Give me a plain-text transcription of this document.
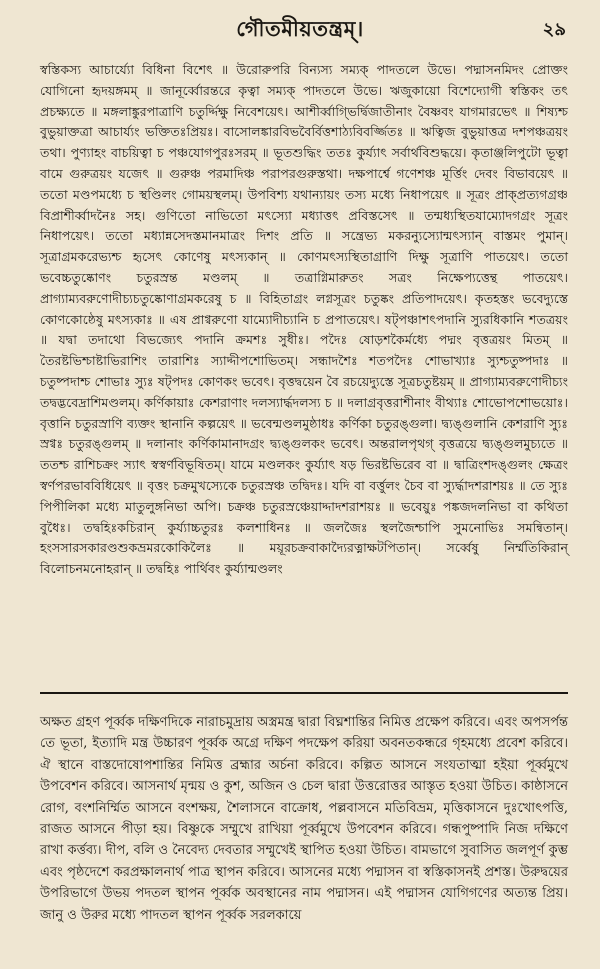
গৌতমীয়তন্ত্রম্।	২৯

স্বস্তিকস্য আচার্য্যো বিধিনা বিশেৎ ॥ উরোরুপরি বিন্যস্য সম্যক্ পাদতলে উভে। পদ্মাসনমিদং প্রোক্তং যোগিনো হৃদয়ঙ্গমম্ ॥ জানূর্ব্বোরন্তরে কৃত্বা সম্যক্ পাদতলে উভে। ঋজুকায়ো বিশেদ্যোগী স্বস্তিকং তৎ প্রচক্ষ্যতে ॥ মঙ্গলাঙ্কুরপাত্রাণি চতুর্দ্দিক্ষু নিবেশয়েৎ। আশীর্ব্বাগ্ভির্দ্বিজাতীনাং বৈষ্ণবং যাগমারভেৎ ॥ শিষ্যশ্চ বুভুয়াক্তত্রা আচার্য্যং ভক্তিতঃপ্রিয়ঃ। বাসোলঙ্কারবিভবৈর্বিত্তশাঠ্যবিবর্জ্জিতঃ ॥ ঋত্বিজ বুভুয়াত্তত্র দশপঞ্চত্রয়ং তথা। পুণ্যাহং বাচয়িত্বা চ পঞ্চযোগপুরঃসরম্ ॥ ভূতশুদ্ধিং ততঃ কুর্য্যাৎ সর্বার্থবিশুদ্ধয়ে। কৃতাঞ্জলিপুটো ভূত্বা বামে গুরুত্রয়ং যজেৎ ॥ গুরুঞ্চ পরমাদিঞ্চ পরাপরগুরুস্তথা। দক্ষপার্শ্বে গণেশঞ্চ মূর্ত্তিং দেবং বিভাবয়েৎ ॥ ততো মণ্ডপমধ্যে চ স্থণ্ডিলং গোময়স্থলম্। উপবিশ্য যথান্যায়ং তস্য মধ্যে নিধাপয়েৎ ॥ সূত্রং প্রাক্প্রত্যগগ্রঞ্চ বিপ্রাশীর্ব্বাদনৈঃ সহ। গুণিতো নাভিতো মৎস্যো মধ্যাত্তৎ প্রবিস্তসেৎ ॥ তন্মধ্যস্থিতযাম্যোদগগ্রং সূত্রং নিধাপয়েৎ। ততো মধ্যান্নসেদস্তমানমাত্রং দিশং প্রতি ॥ সন্ত্রেভ্য মকরন্যুস্যোন্মৎস্যান্ বাস্তমং পুমান্। সূত্রাগ্রমকরেভ্যশ্চ হৃসেৎ কোণেষু মৎস্যকান্ ॥ কোণমৎস্যস্থিতাগ্রাণি দিক্ষু সূত্রাণি পাতয়েৎ। ততো ভবেচ্চতুষ্কোণং চতুরস্রন্ত মণ্ডলম্ ॥ তত্রাগ্নিমারুতং সত্রং নিক্ষেপ্যত্তেন্থ পাতয়েৎ। প্রাগ্যাম্যবরুণোদীচ্যচতুষ্কোণাগ্রমকরেষু চ ॥ বিহিতাগ্রং লগ্নসূত্রং চতুষ্কং প্রতিপাদয়েৎ। কৃতহস্তং ভবেদ্যুস্তে কোণকোষ্ঠেষু মৎস্যকাঃ ॥ এষ প্রাগ্বরুণো যাম্যোদীচ্যানি চ প্রপাতয়েৎ। ষট্পঞ্চাশৎপদানি স্যুরধিকানি শতত্রয়ং ॥ যদ্বা তদাথো বিভজ্যেৎ পদানি ক্রমশঃ সুধীঃ। পদৈঃ ষোড়শকৈর্মধ্যে পদ্মং বৃত্তত্রয়ং মিতম্ ॥ তৈরষ্টভিশ্চাষ্টাভিরাশিং তারাশিঃ স্যাদ্দীপশোভিতম্। সন্ধাদশৈঃ শতপদৈঃ শোভাখ্যাঃ স্যুশ্চতুষ্পদাঃ ॥ চতুষ্পদাশ্চ শোভাঃ স্যুঃ ষট্পদঃ কোণকং ভবেৎ। বৃত্তদ্বয়েন বৈ রচয়েদ্যুস্তে সূত্রচতুষ্টয়ম্ ॥ প্রাগ্যাম্যবরুণোদীচ্যং তদ্বদ্ভবেদ্রাশিমণ্ডলম্। কর্ণিকায়াঃ কেশরাণাং দলস্যার্দ্ধদলস্য চ ॥ দলাগ্রবৃত্তরাশীনাং বীথ্যাঃ শোভোপশোভয়োঃ। বৃত্তানি চতুরস্রাণি ব্যক্তং স্থানানি কল্পয়েৎ ॥ ভবেন্মণ্ডলমুষ্ঠাধঃ কর্ণিকা চতুরঙ্গুলা। দ্ব্যঙ্গুলানি কেশরাণি স্যুঃ স্রগ্বঃ চতুরঙ্গুলম্ ॥ দলানাং কর্ণিকামানাদগ্রং দ্ব্যঙ্গুলকং ভবেৎ। অন্তরালপৃথগ্ বৃত্তত্রয়ে দ্ব্যঙ্গুলমুচ্যতে ॥ ততশ্চ রাশিচক্রং স্যাৎ স্বস্বর্ণবিভূষিতম্। যামে মণ্ডলকং কুর্য্যাৎ ষড় ভিরষ্টভিরেব বা ॥ দ্বাত্রিংশদঙ্গুলং ক্ষেত্রং স্বর্ণপরভাববিধিয়েৎ ॥ বৃত্তং চক্রমুখস্যেকে চতুরস্রঞ্চ তদ্বিদঃ। যদি বা বর্ত্তুলং চৈব বা স্যুর্দ্ধাদশরাশয়ঃ ॥ তে স্যুঃ পিপীলিকা মধ্যে মাতুলুঙ্গনিভা অপি। চক্রঞ্চ চতুরস্রঞ্চেয়াদ্দাদশরাশয়ঃ ॥ ভবেয়ুঃ পঙ্কজদলনিভা বা কথিতা বুধৈঃ। তদ্বহিঃকচিরান্ কুর্য্যাচ্চতুরঃ কলশাধিনঃ ॥ জলজৈঃ স্থলজৈশ্চাপি সুমনোভিঃ সমন্বিতান্। হংসসারসকারণ্ডশুকভ্রমরকোকিলৈঃ ॥ ময়ূরচক্রবাকাদ্যৈরত্নাক্ষটপিতান্। সর্ব্বেষু নির্ম্মতিকিরান্ বিলোচনমনোহরান্ ॥ তদ্বহিঃ পার্থিবং কুর্য্যান্মণ্ডলং

অক্ষত গ্রহণ পূর্ব্বক দক্ষিণদিকে নারাচমুদ্রায় অস্ত্রমন্ত্র দ্বারা বিঘ্নশান্তির নিমিত্ত প্রক্ষেপ করিবে। এবং অপসর্পন্ত তে ভূতা, ইত্যাদি মন্ত্র উচ্চারণ পূর্ব্বক অগ্রে দক্ষিণ পদক্ষেপ করিয়া অবনতকন্ধরে গৃহমধ্যে প্রবেশ করিবে। ঐ স্থানে বাস্তদোষোপশান্তির নিমিত্ত ব্রহ্মার অর্চনা করিবে। কল্পিত আসনে সংযতাত্মা হইয়া পূর্ব্বমুখে উপবেশন করিবে। আসনার্থ মৃন্ময় ও কুশ, অজিন ও চেল দ্বারা উত্তরোত্তর আস্তৃত হওয়া উচিত। কাষ্ঠাসনে রোগ, বংশনির্ম্মিত আসনে বংশক্ষয়, শৈলাসনে বাক্রোধ, পল্লবাসনে মতিবিভ্রম, মৃত্তিকাসনে দুঃখোৎপত্তি, রাজত আসনে পীড়া হয়। বিষ্ণুকে সম্মুখে রাখিয়া পূর্ব্বমুখে উপবেশন করিবে। গন্ধপুষ্পাদি নিজ দক্ষিণে রাখা কর্ত্তব্য। দীপ, বলি ও নৈবেদ্য দেবতার সম্মুখেই স্থাপিত হওয়া উচিত। বামভাগে সুবাসিত জলপূর্ণ কুম্ভ এবং পৃষ্ঠদেশে করপ্রক্ষালনার্থ পাত্র স্থাপন করিবে। আসনের মধ্যে পদ্মাসন বা স্বস্তিকাসনই প্রশস্ত। উরুদ্বয়ের উপরিভাগে উভয় পদতল স্থাপন পূর্ব্বক অবস্থানের নাম পদ্মাসন। এই পদ্মাসন যোগিগণের অত্যন্ত প্রিয়। জানু ও উরুর মধ্যে পাদতল স্থাপন পূর্ব্বক সরলকায়ে
